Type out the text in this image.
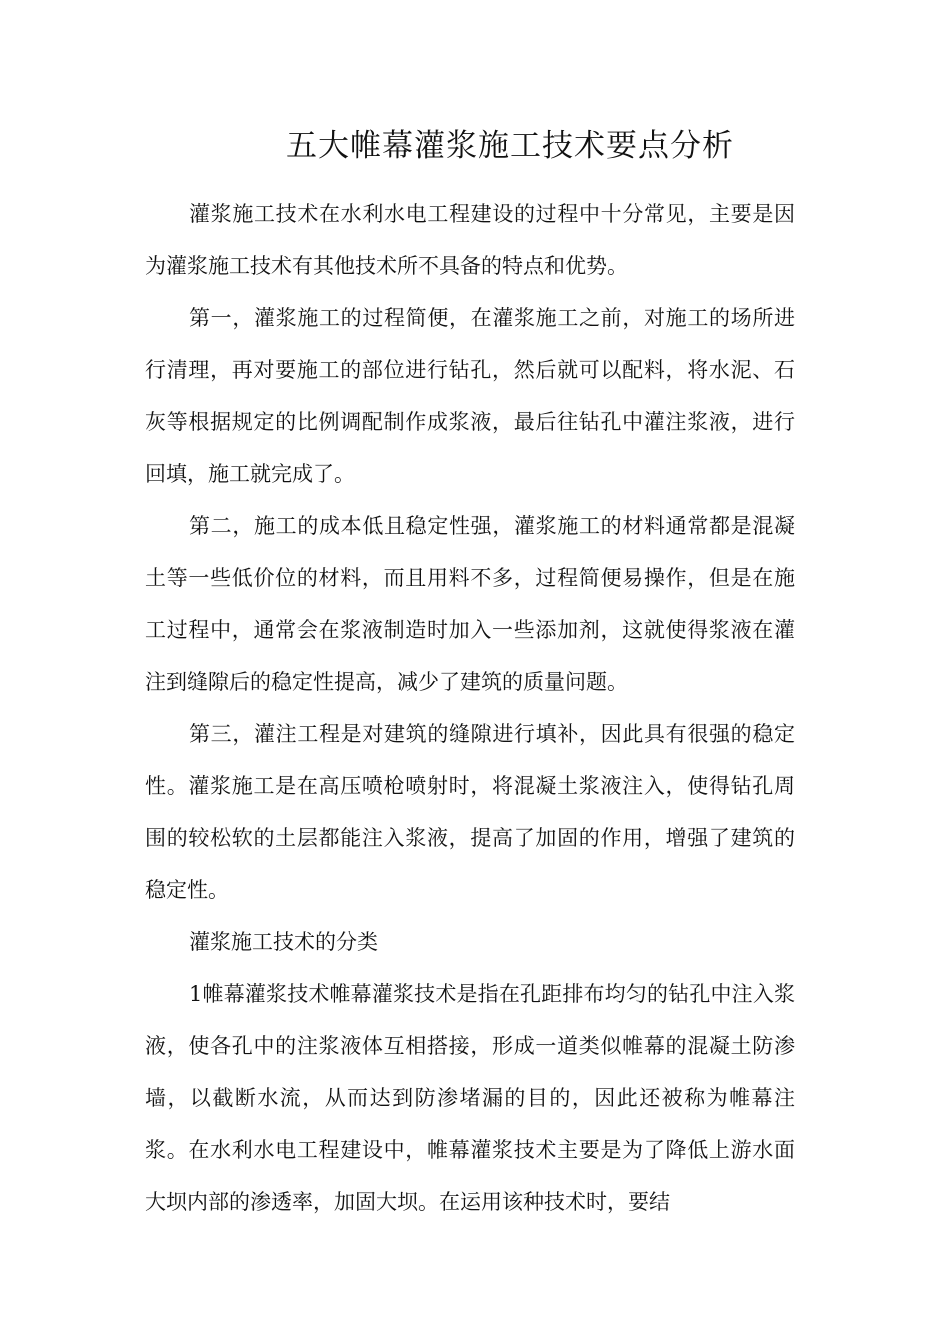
五大帷幕灌浆施工技术要点分析

灌浆施工技术在水利水电工程建设的过程中十分常见，主要是因为灌浆施工技术有其他技术所不具备的特点和优势。

第一，灌浆施工的过程简便，在灌浆施工之前，对施工的场所进行清理，再对要施工的部位进行钻孔，然后就可以配料，将水泥、石灰等根据规定的比例调配制作成浆液，最后往钻孔中灌注浆液，进行回填，施工就完成了。

第二，施工的成本低且稳定性强，灌浆施工的材料通常都是混凝土等一些低价位的材料，而且用料不多，过程简便易操作，但是在施工过程中，通常会在浆液制造时加入一些添加剂，这就使得浆液在灌注到缝隙后的稳定性提高，减少了建筑的质量问题。

第三，灌注工程是对建筑的缝隙进行填补，因此具有很强的稳定性。灌浆施工是在高压喷枪喷射时，将混凝土浆液注入，使得钻孔周围的较松软的土层都能注入浆液，提高了加固的作用，增强了建筑的稳定性。

灌浆施工技术的分类

1帷幕灌浆技术帷幕灌浆技术是指在孔距排布均匀的钻孔中注入浆液，使各孔中的注浆液体互相搭接，形成一道类似帷幕的混凝土防渗墙，以截断水流，从而达到防渗堵漏的目的，因此还被称为帷幕注浆。在水利水电工程建设中，帷幕灌浆技术主要是为了降低上游水面大坝内部的渗透率，加固大坝。在运用该种技术时，要结
